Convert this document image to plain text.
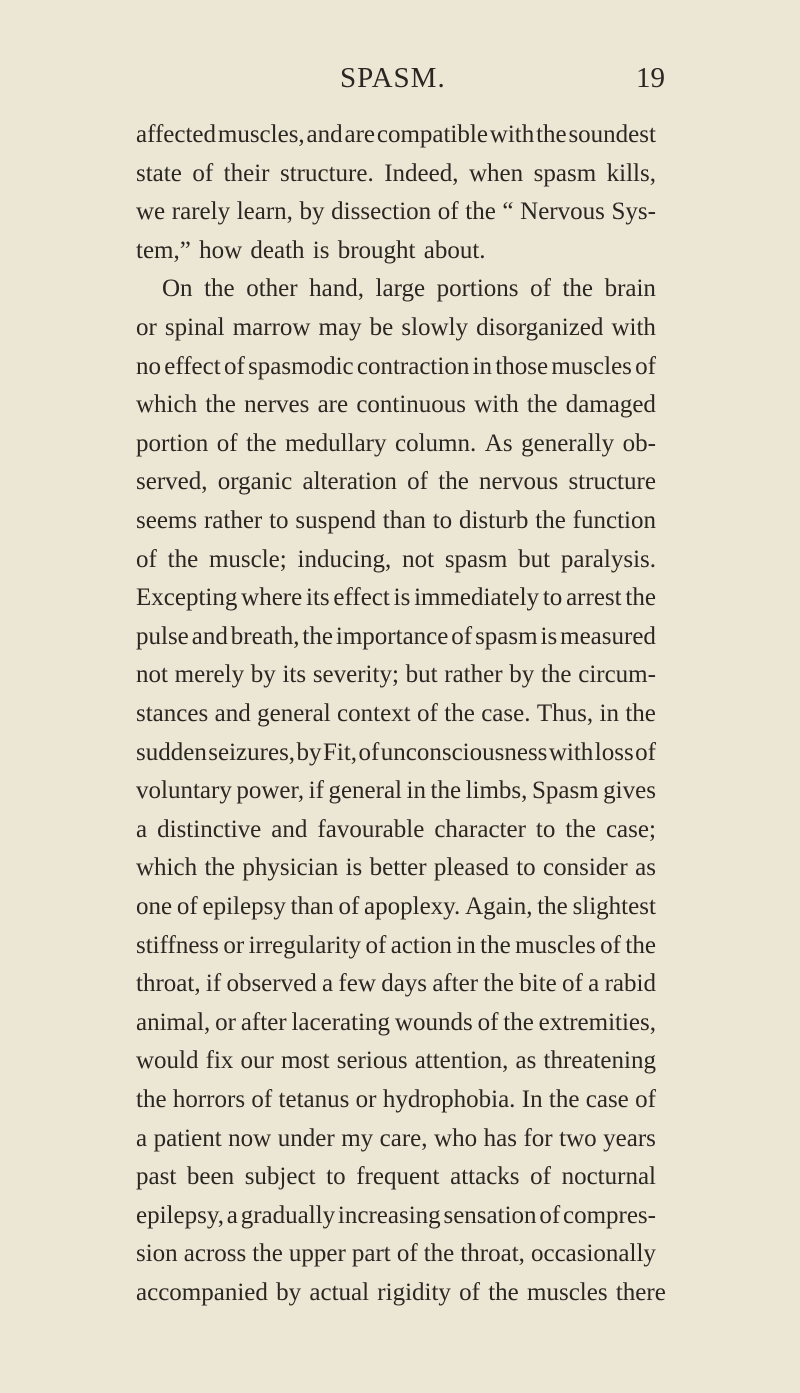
SPASM.	19
affected muscles, and are compatible with the soundest
state of their structure. Indeed, when spasm kills,
we rarely learn, by dissection of the “ Nervous Sys-
tem,” how death is brought about.
On the other hand, large portions of the brain
or spinal marrow may be slowly disorganized with
no effect of spasmodic contraction in those muscles of
which the nerves are continuous with the damaged
portion of the medullary column. As generally ob-
served, organic alteration of the nervous structure
seems rather to suspend than to disturb the function
of the muscle; inducing, not spasm but paralysis.
Excepting where its effect is immediately to arrest the
pulse and breath, the importance of spasm is measured
not merely by its severity; but rather by the circum-
stances and general context of the case. Thus, in the
sudden seizures, by Fit, of unconsciousness with loss of
voluntary power, if general in the limbs, Spasm gives
a distinctive and favourable character to the case;
which the physician is better pleased to consider as
one of epilepsy than of apoplexy. Again, the slightest
stiffness or irregularity of action in the muscles of the
throat, if observed a few days after the bite of a rabid
animal, or after lacerating wounds of the extremities,
would fix our most serious attention, as threatening
the horrors of tetanus or hydrophobia. In the case of
a patient now under my care, who has for two years
past been subject to frequent attacks of nocturnal
epilepsy, a gradually increasing sensation of compres-
sion across the upper part of the throat, occasionally
accompanied by actual rigidity of the muscles there
